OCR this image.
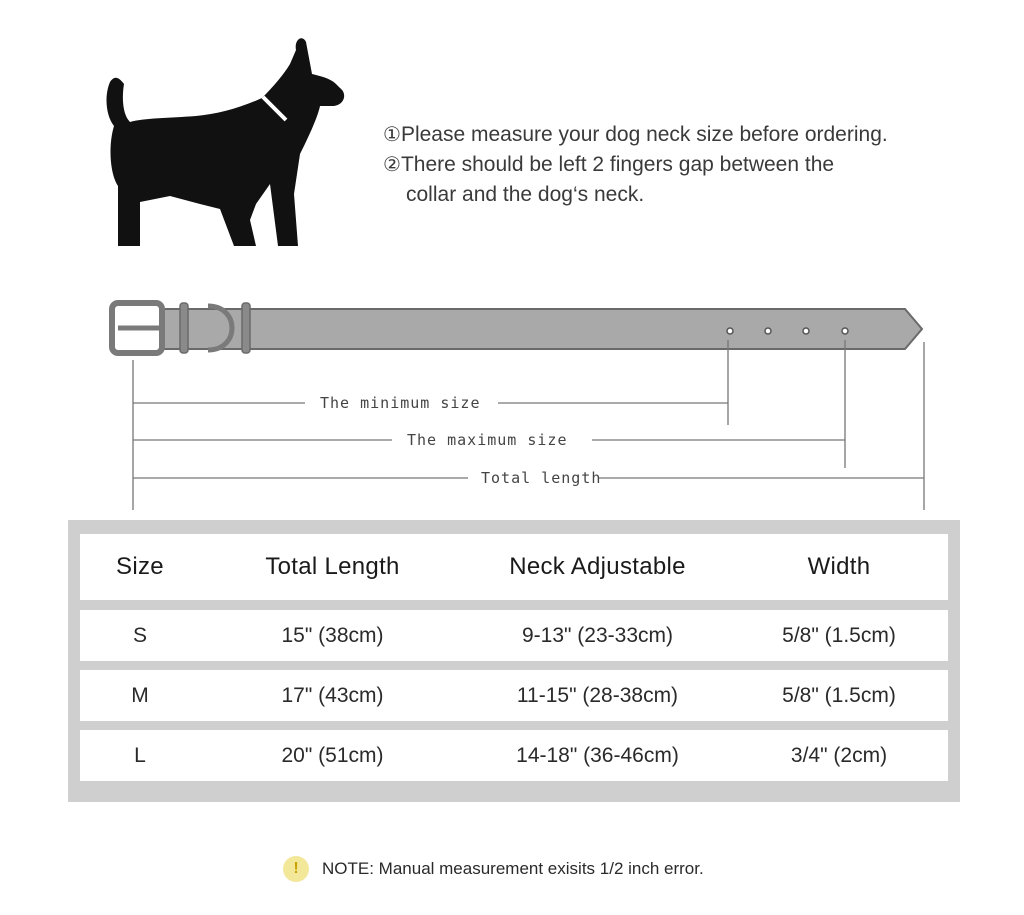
①Please measure your dog neck size before ordering.
②There should be left 2 fingers gap between the
collar and the dog‘s neck.
The minimum size
The maximum size
Total length
Size	Total Length	Neck Adjustable	Width
S	15" (38cm)	9-13" (23-33cm)	5/8" (1.5cm)
M	17" (43cm)	11-15" (28-38cm)	5/8" (1.5cm)
L	20" (51cm)	14-18" (36-46cm)	3/4" (2cm)
!	NOTE: Manual measurement exisits 1/2 inch error.
